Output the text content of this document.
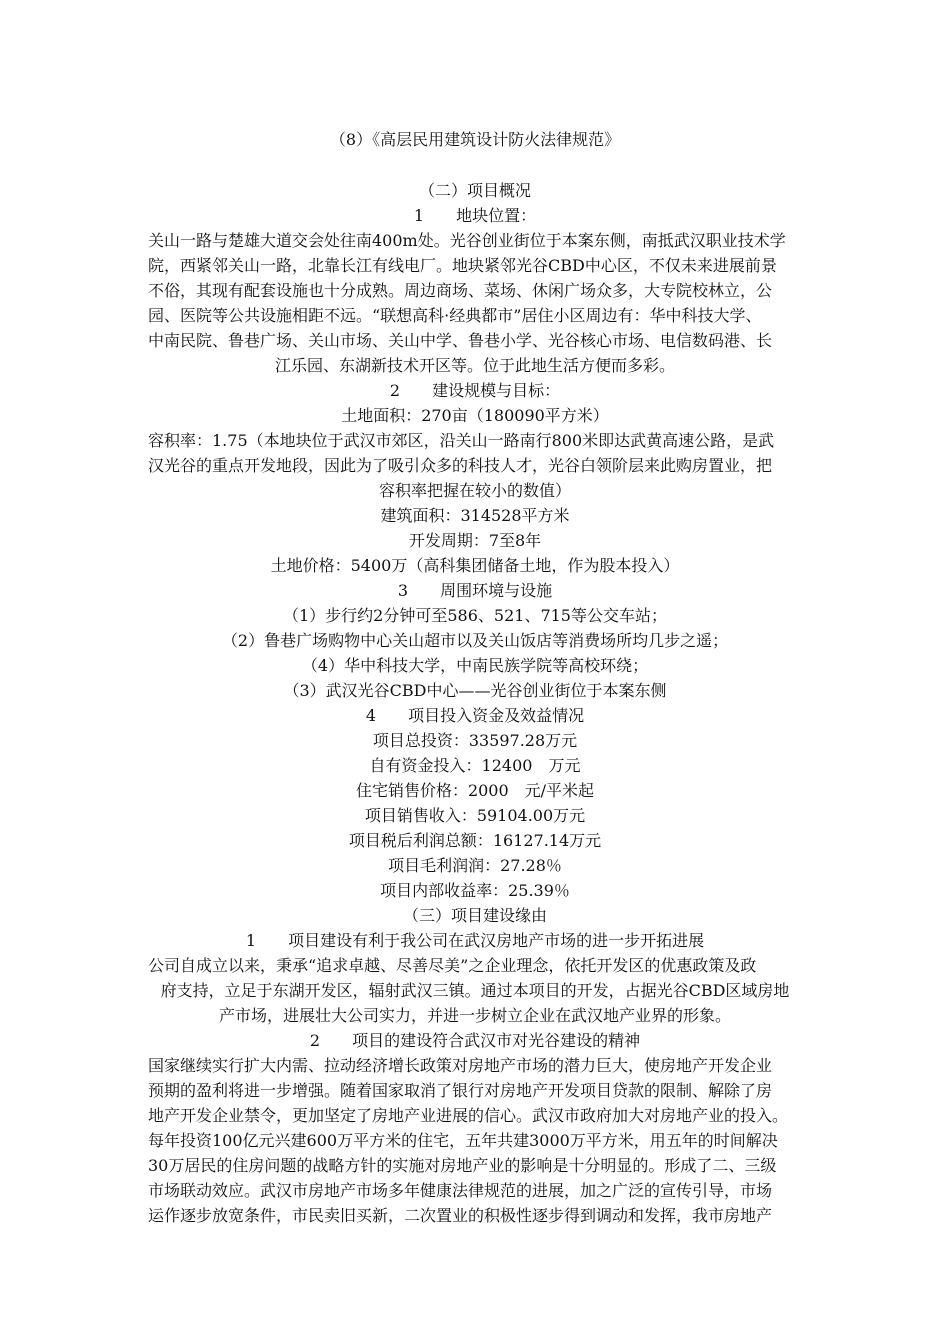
（8）《高层民用建筑设计防火法律规范》
（二）项目概况
1　　地块位置：
关山一路与楚雄大道交会处往南400m处。光谷创业街位于本案东侧，南抵武汉职业技术学
院，西紧邻关山一路，北靠长江有线电厂。地块紧邻光谷CBD中心区，不仅未来进展前景
不俗，其现有配套设施也十分成熟。周边商场、菜场、休闲广场众多，大专院校林立，公
园、医院等公共设施相距不远。“联想高科·经典都市”居住小区周边有：华中科技大学、
中南民院、鲁巷广场、关山市场、关山中学、鲁巷小学、光谷核心市场、电信数码港、长
江乐园、东湖新技术开区等。位于此地生活方便而多彩。
2　　建设规模与目标：
土地面积：270亩（180090平方米）
容积率：1.75（本地块位于武汉市郊区，沿关山一路南行800米即达武黄高速公路，是武
汉光谷的重点开发地段，因此为了吸引众多的科技人才，光谷白领阶层来此购房置业，把
容积率把握在较小的数值）
建筑面积：314528平方米
开发周期：7至8年
土地价格：5400万（高科集团储备土地，作为股本投入）
3　　周围环境与设施
（1）步行约2分钟可至586、521、715等公交车站；
（2）鲁巷广场购物中心关山超市以及关山饭店等消费场所均几步之遥；
（4）华中科技大学，中南民族学院等高校环绕；
（3）武汉光谷CBD中心——光谷创业街位于本案东侧
4　　项目投入资金及效益情况
项目总投资：33597.28万元
自有资金投入：12400　万元
住宅销售价格：2000　元/平米起
项目销售收入：59104.00万元
项目税后利润总额：16127.14万元
项目毛利润润：27.28％
项目内部收益率：25.39％
（三）项目建设缘由
1　　项目建设有利于我公司在武汉房地产市场的进一步开拓进展
公司自成立以来，秉承“追求卓越、尽善尽美”之企业理念，依托开发区的优惠政策及政
府支持，立足于东湖开发区，辐射武汉三镇。通过本项目的开发，占据光谷CBD区域房地
产市场，进展壮大公司实力，并进一步树立企业在武汉地产业界的形象。
2　　项目的建设符合武汉市对光谷建设的精神
国家继续实行扩大内需、拉动经济增长政策对房地产市场的潜力巨大，使房地产开发企业
预期的盈利将进一步增强。随着国家取消了银行对房地产开发项目贷款的限制、解除了房
地产开发企业禁令，更加坚定了房地产业进展的信心。武汉市政府加大对房地产业的投入。
每年投资100亿元兴建600万平方米的住宅，五年共建3000万平方米，用五年的时间解决
30万居民的住房问题的战略方针的实施对房地产业的影响是十分明显的。形成了二、三级
市场联动效应。武汉市房地产市场多年健康法律规范的进展，加之广泛的宣传引导，市场
运作逐步放宽条件，市民卖旧买新，二次置业的积极性逐步得到调动和发挥，我市房地产
